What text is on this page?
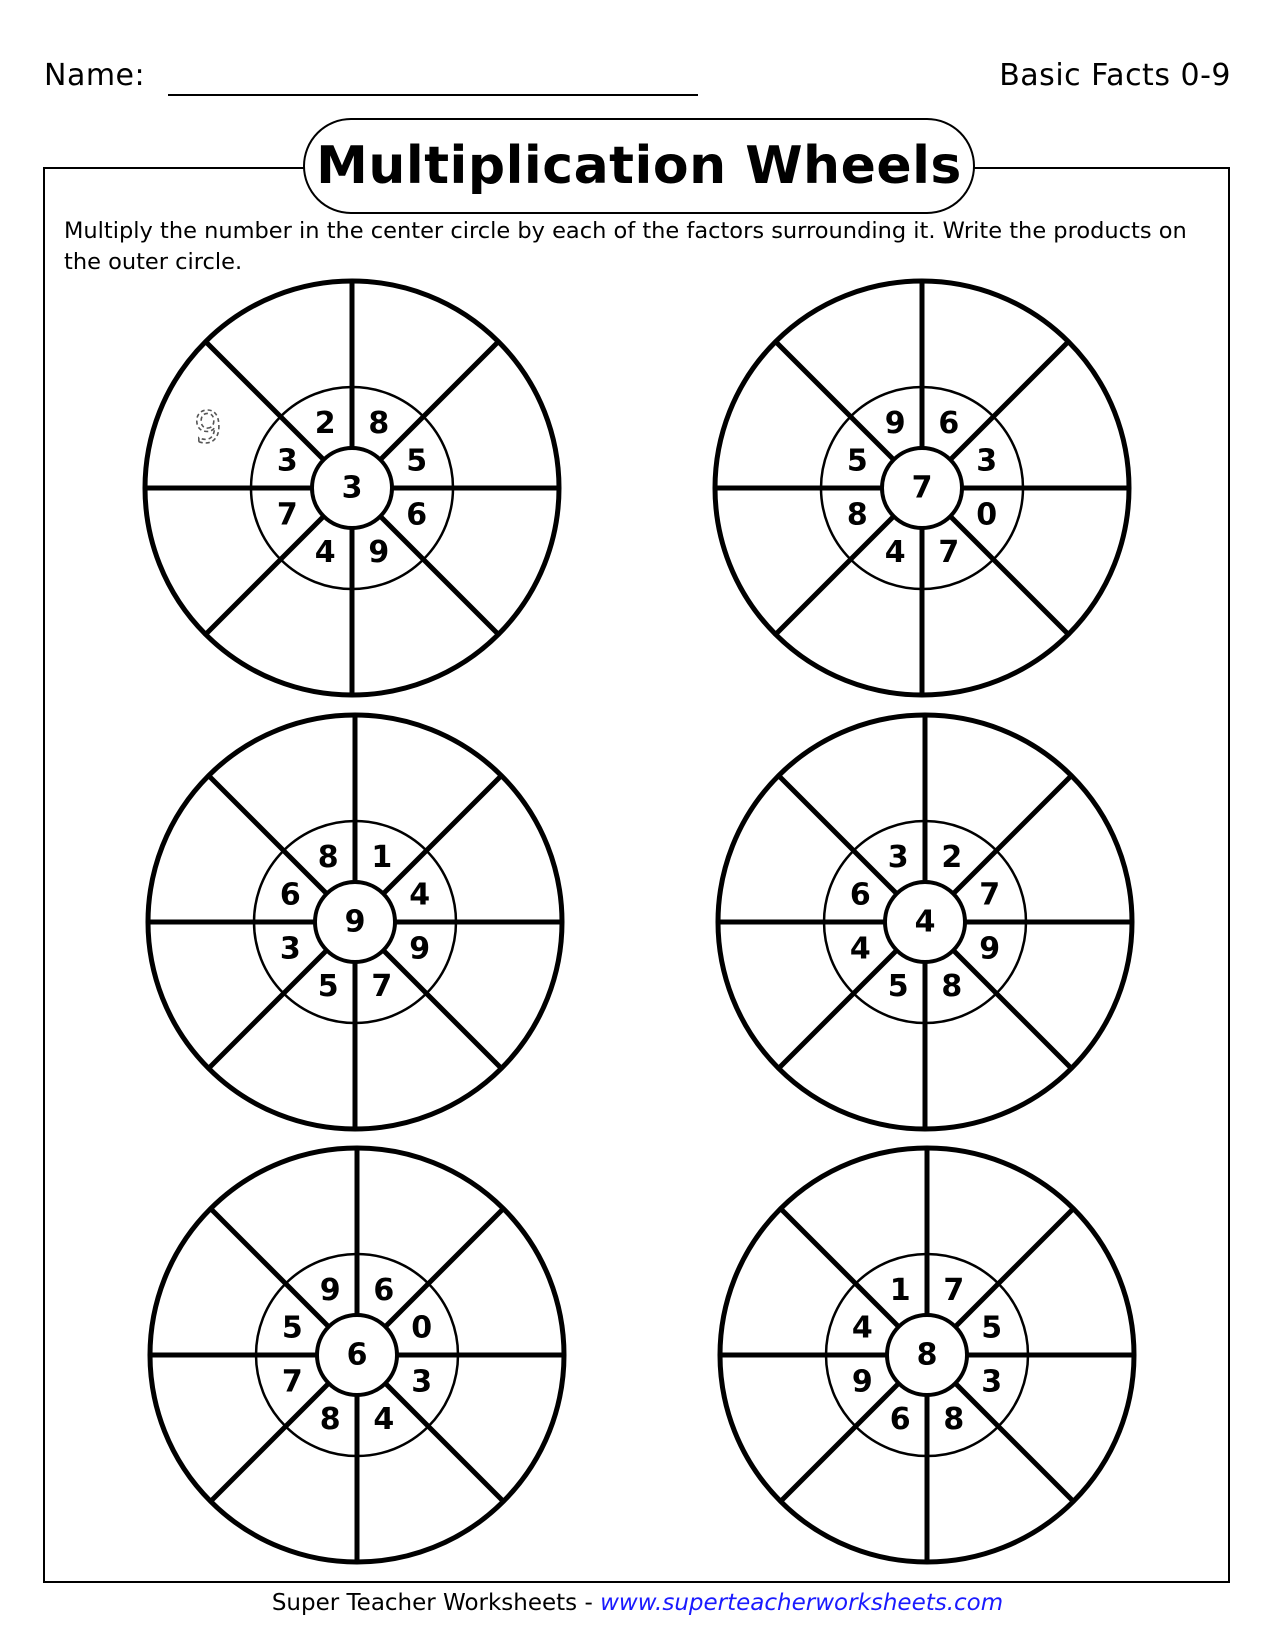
Name:	Basic Facts 0-9
Multiplication Wheels
Multiply the number in the center circle by each of the factors surrounding it. Write the products on the outer circle.
3
2 8
5
6
9
4
7
3
7
9 6
3
0
7
4
8
5
9
8 1
4
9
7
5
3
6
4
3 2
7
9
8
5
4
6
6
9 6
0
3
4
8
7
5
8
1 7
5
3
8
6
9
4
9
Super Teacher Worksheets - www.superteacherworksheets.com
